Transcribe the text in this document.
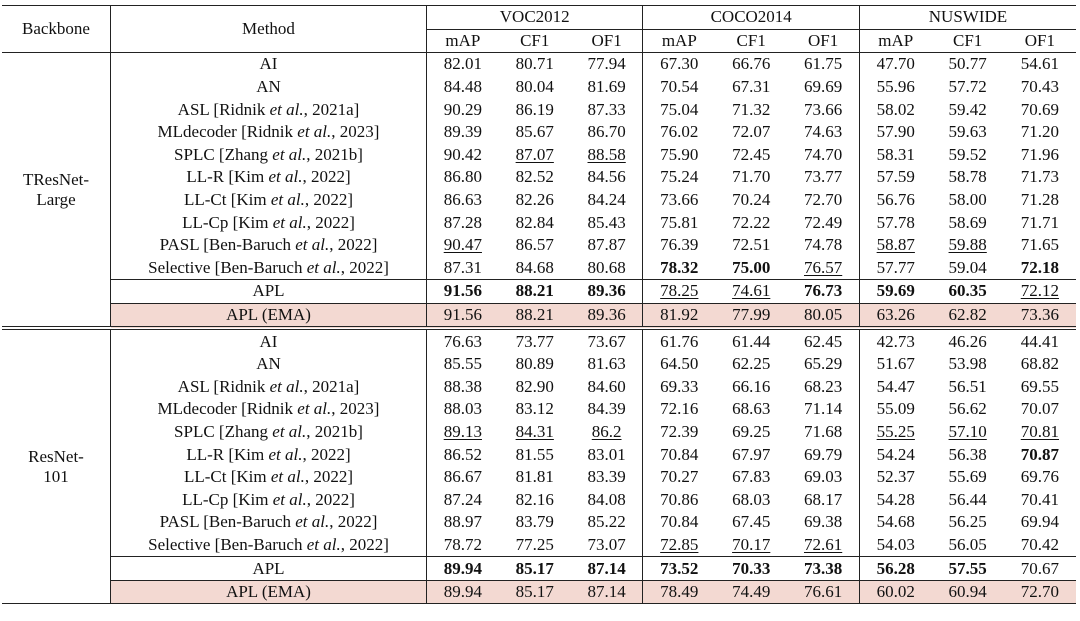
Backbone	Method	VOC2012			COCO2014			NUSWIDE		
		mAP	CF1	OF1	mAP	CF1	OF1	mAP	CF1	OF1

TResNet-
Large	AI	82.01	80.71	77.94	67.30	66.76	61.75	47.70	50.77	54.61
	AN	84.48	80.04	81.69	70.54	67.31	69.69	55.96	57.72	70.43
	ASL [Ridnik et al., 2021a]	90.29	86.19	87.33	75.04	71.32	73.66	58.02	59.42	70.69
	MLdecoder [Ridnik et al., 2023]	89.39	85.67	86.70	76.02	72.07	74.63	57.90	59.63	71.20
	SPLC [Zhang et al., 2021b]	90.42	87.07	88.58	75.90	72.45	74.70	58.31	59.52	71.96
	LL-R [Kim et al., 2022]	86.80	82.52	84.56	75.24	71.70	73.77	57.59	58.78	71.73
	LL-Ct [Kim et al., 2022]	86.63	82.26	84.24	73.66	70.24	72.70	56.76	58.00	71.28
	LL-Cp [Kim et al., 2022]	87.28	82.84	85.43	75.81	72.22	72.49	57.78	58.69	71.71
	PASL [Ben-Baruch et al., 2022]	90.47	86.57	87.87	76.39	72.51	74.78	58.87	59.88	71.65
	Selective [Ben-Baruch et al., 2022]	87.31	84.68	80.68	78.32	75.00	76.57	57.77	59.04	72.18
	APL	91.56	88.21	89.36	78.25	74.61	76.73	59.69	60.35	72.12
	APL (EMA)	91.56	88.21	89.36	81.92	77.99	80.05	63.26	62.82	73.36

ResNet-
101	AI	76.63	73.77	73.67	61.76	61.44	62.45	42.73	46.26	44.41
	AN	85.55	80.89	81.63	64.50	62.25	65.29	51.67	53.98	68.82
	ASL [Ridnik et al., 2021a]	88.38	82.90	84.60	69.33	66.16	68.23	54.47	56.51	69.55
	MLdecoder [Ridnik et al., 2023]	88.03	83.12	84.39	72.16	68.63	71.14	55.09	56.62	70.07
	SPLC [Zhang et al., 2021b]	89.13	84.31	86.2	72.39	69.25	71.68	55.25	57.10	70.81
	LL-R [Kim et al., 2022]	86.52	81.55	83.01	70.84	67.97	69.79	54.24	56.38	70.87
	LL-Ct [Kim et al., 2022]	86.67	81.81	83.39	70.27	67.83	69.03	52.37	55.69	69.76
	LL-Cp [Kim et al., 2022]	87.24	82.16	84.08	70.86	68.03	68.17	54.28	56.44	70.41
	PASL [Ben-Baruch et al., 2022]	88.97	83.79	85.22	70.84	67.45	69.38	54.68	56.25	69.94
	Selective [Ben-Baruch et al., 2022]	78.72	77.25	73.07	72.85	70.17	72.61	54.03	56.05	70.42
	APL	89.94	85.17	87.14	73.52	70.33	73.38	56.28	57.55	70.67
	APL (EMA)	89.94	85.17	87.14	78.49	74.49	76.61	60.02	60.94	72.70
